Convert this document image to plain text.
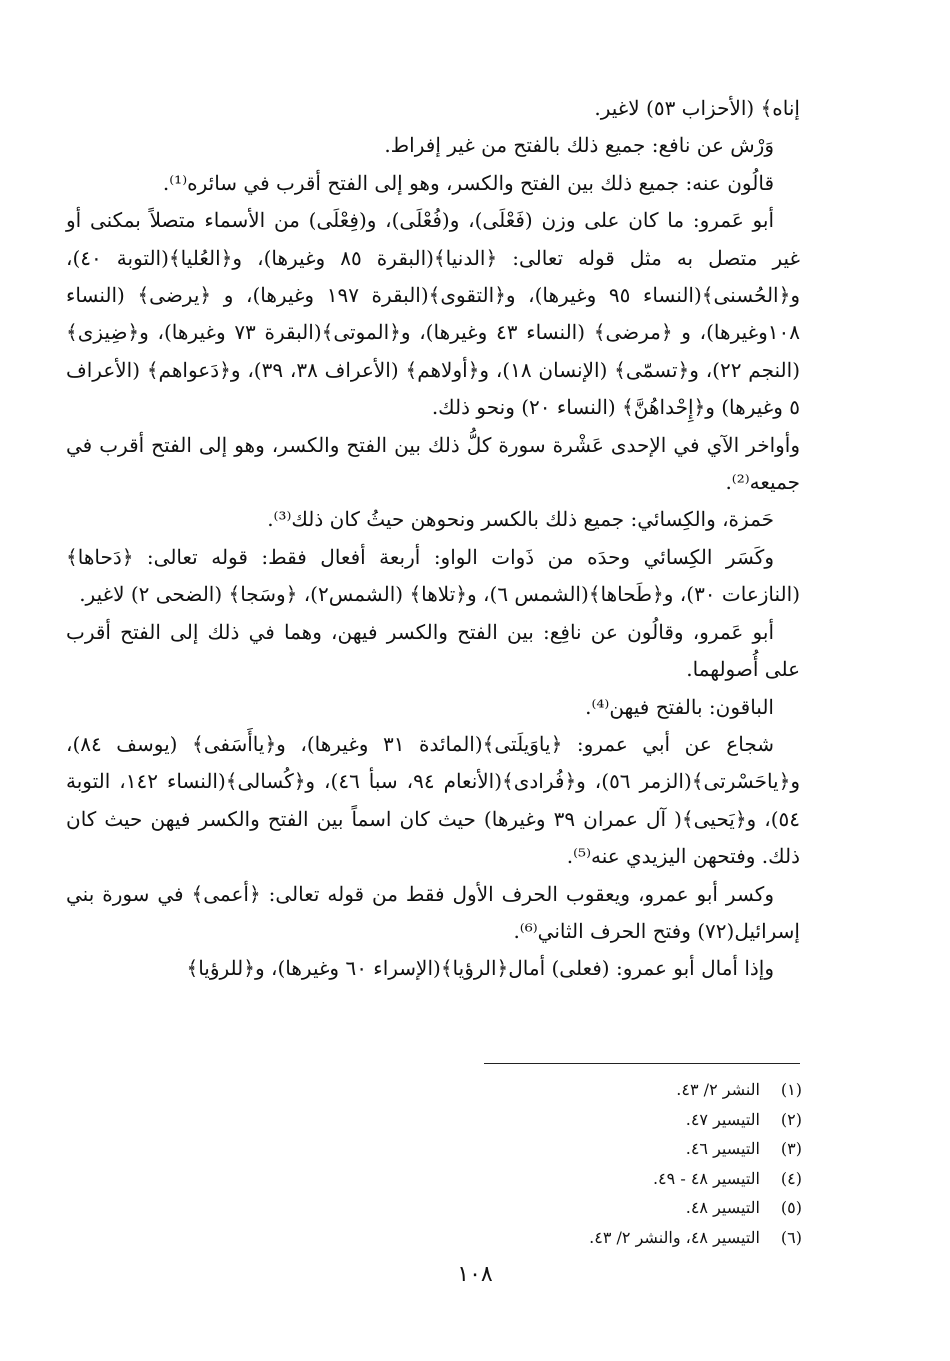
إناه﴾ (الأحزاب ٥٣) لاغير.

وَرْش عن نافع: جميع ذلك بالفتح من غير إفراط.

قالُون عنه: جميع ذلك بين الفتح والكسر، وهو إلى الفتح أقرب في سائره⁽¹⁾.

أبو عَمرو: ما كان على وزن (فَعْلَى)، و(فُعْلَى)، و(فِعْلَى) من الأسماء متصلاً بمكنى أو غير متصل به مثل قوله تعالى: ﴿الدنيا﴾(البقرة ٨٥ وغيرها)، و﴿العُليا﴾(التوبة ٤٠)، و﴿الحُسنى﴾(النساء ٩٥ وغيرها)، و﴿التقوى﴾(البقرة ١٩٧ وغيرها)، و ﴿يرضى﴾ (النساء ١٠٨وغيرها)، و ﴿مرضى﴾ (النساء ٤٣ وغيرها)، و﴿الموتى﴾(البقرة ٧٣ وغيرها)، و﴿ضِيزى﴾ (النجم ٢٢)، و﴿تسمّى﴾ (الإنسان ١٨)، و﴿أولاهم﴾ (الأعراف ٣٨، ٣٩)، و﴿دَعواهم﴾ (الأعراف ٥ وغيرها) و﴿إِحْداهُنَّ﴾ (النساء ٢٠) ونحو ذلك.

وأواخر الآي في الإحدى عَشْرة سورة كلُّ ذلك بين الفتح والكسر، وهو إلى الفتح أقرب في جميعه⁽²⁾.

حَمزة، والكِسائي: جميع ذلك بالكسر ونحوهن حيثُ كان ذلك⁽³⁾.

وكَسَر الكِسائي وحدَه من ذَوات الواو: أربعة أفعال فقط: قوله تعالى: ﴿دَحاها﴾ (النازعات ٣٠)، و﴿طَحاها﴾(الشمس ٦)، و﴿تلاها﴾ (الشمس٢)، ﴿وسَجا﴾ (الضحى ٢) لاغير.

أبو عَمرو، وقالُون عن نافِع: بين الفتح والكسر فيهن، وهما في ذلك إلى الفتح أقرب على أُصولهما.

الباقون: بالفتح فيهن⁽⁴⁾.

شجاع عن أبي عمرو: ﴿ياوَيلَتى﴾(المائدة ٣١ وغيرها)، و﴿ياأَسَفى﴾ (يوسف ٨٤)، و﴿ياحَسْرتى﴾(الزمر ٥٦)، و﴿فُرادى﴾(الأنعام ٩٤، سبأ ٤٦)، و﴿كُسالى﴾(النساء ١٤٢، التوبة ٥٤)، و﴿يَحيى﴾( آل عمران ٣٩ وغيرها) حيث كان اسماً بين الفتح والكسر فيهن حيث كان ذلك. وفتحهن اليزيدي عنه⁽⁵⁾.

وكسر أبو عمرو، ويعقوب الحرف الأول فقط من قوله تعالى: ﴿أعمى﴾ في سورة بني إسرائيل(٧٢) وفتح الحرف الثاني⁽⁶⁾.

وإذا أمال أبو عمرو: (فعلى) أمال﴿الرؤيا﴾(الإسراء ٦٠ وغيرها)، و﴿للرؤيا﴾

(١)النشر ٢/ ٤٣.
(٢)التيسير ٤٧.
(٣)التيسير ٤٦.
(٤)التيسير ٤٨ - ٤٩.
(٥)التيسير ٤٨.
(٦)التيسير ٤٨، والنشر ٢/ ٤٣.
١٠٨
